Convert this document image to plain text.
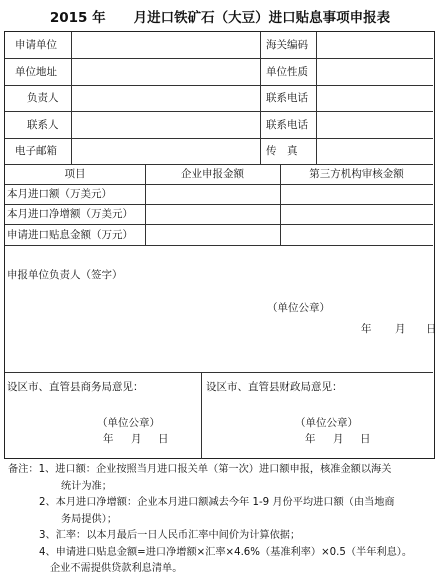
2015 年 月进口铁矿石（大豆）进口贴息事项申报表
申请单位	海关编码
单位地址	单位性质
负责人	联系电话
联系人	联系电话
电子邮箱	传　真
项目	企业申报金额	第三方机构审核金额
本月进口额（万美元）
本月进口净增额（万美元）
申请进口贴息金额（万元）
申报单位负责人（签字）
（单位公章）
年 月 日
设区市、直管县商务局意见：	设区市、直管县财政局意见：
（单位公章）
年 月 日
（单位公章）
年 月 日
备注：1、进口额：企业按照当月进口报关单（第一次）进口额申报，核准金额以海关
统计为准；
2、本月进口净增额：企业本月进口额减去今年 1-9 月份平均进口额（由当地商
务局提供）；
3、汇率：以本月最后一日人民币汇率中间价为计算依据；
4、申请进口贴息金额=进口净增额×汇率×4.6%（基准利率）×0.5（半年利息）。
企业不需提供贷款利息清单。
